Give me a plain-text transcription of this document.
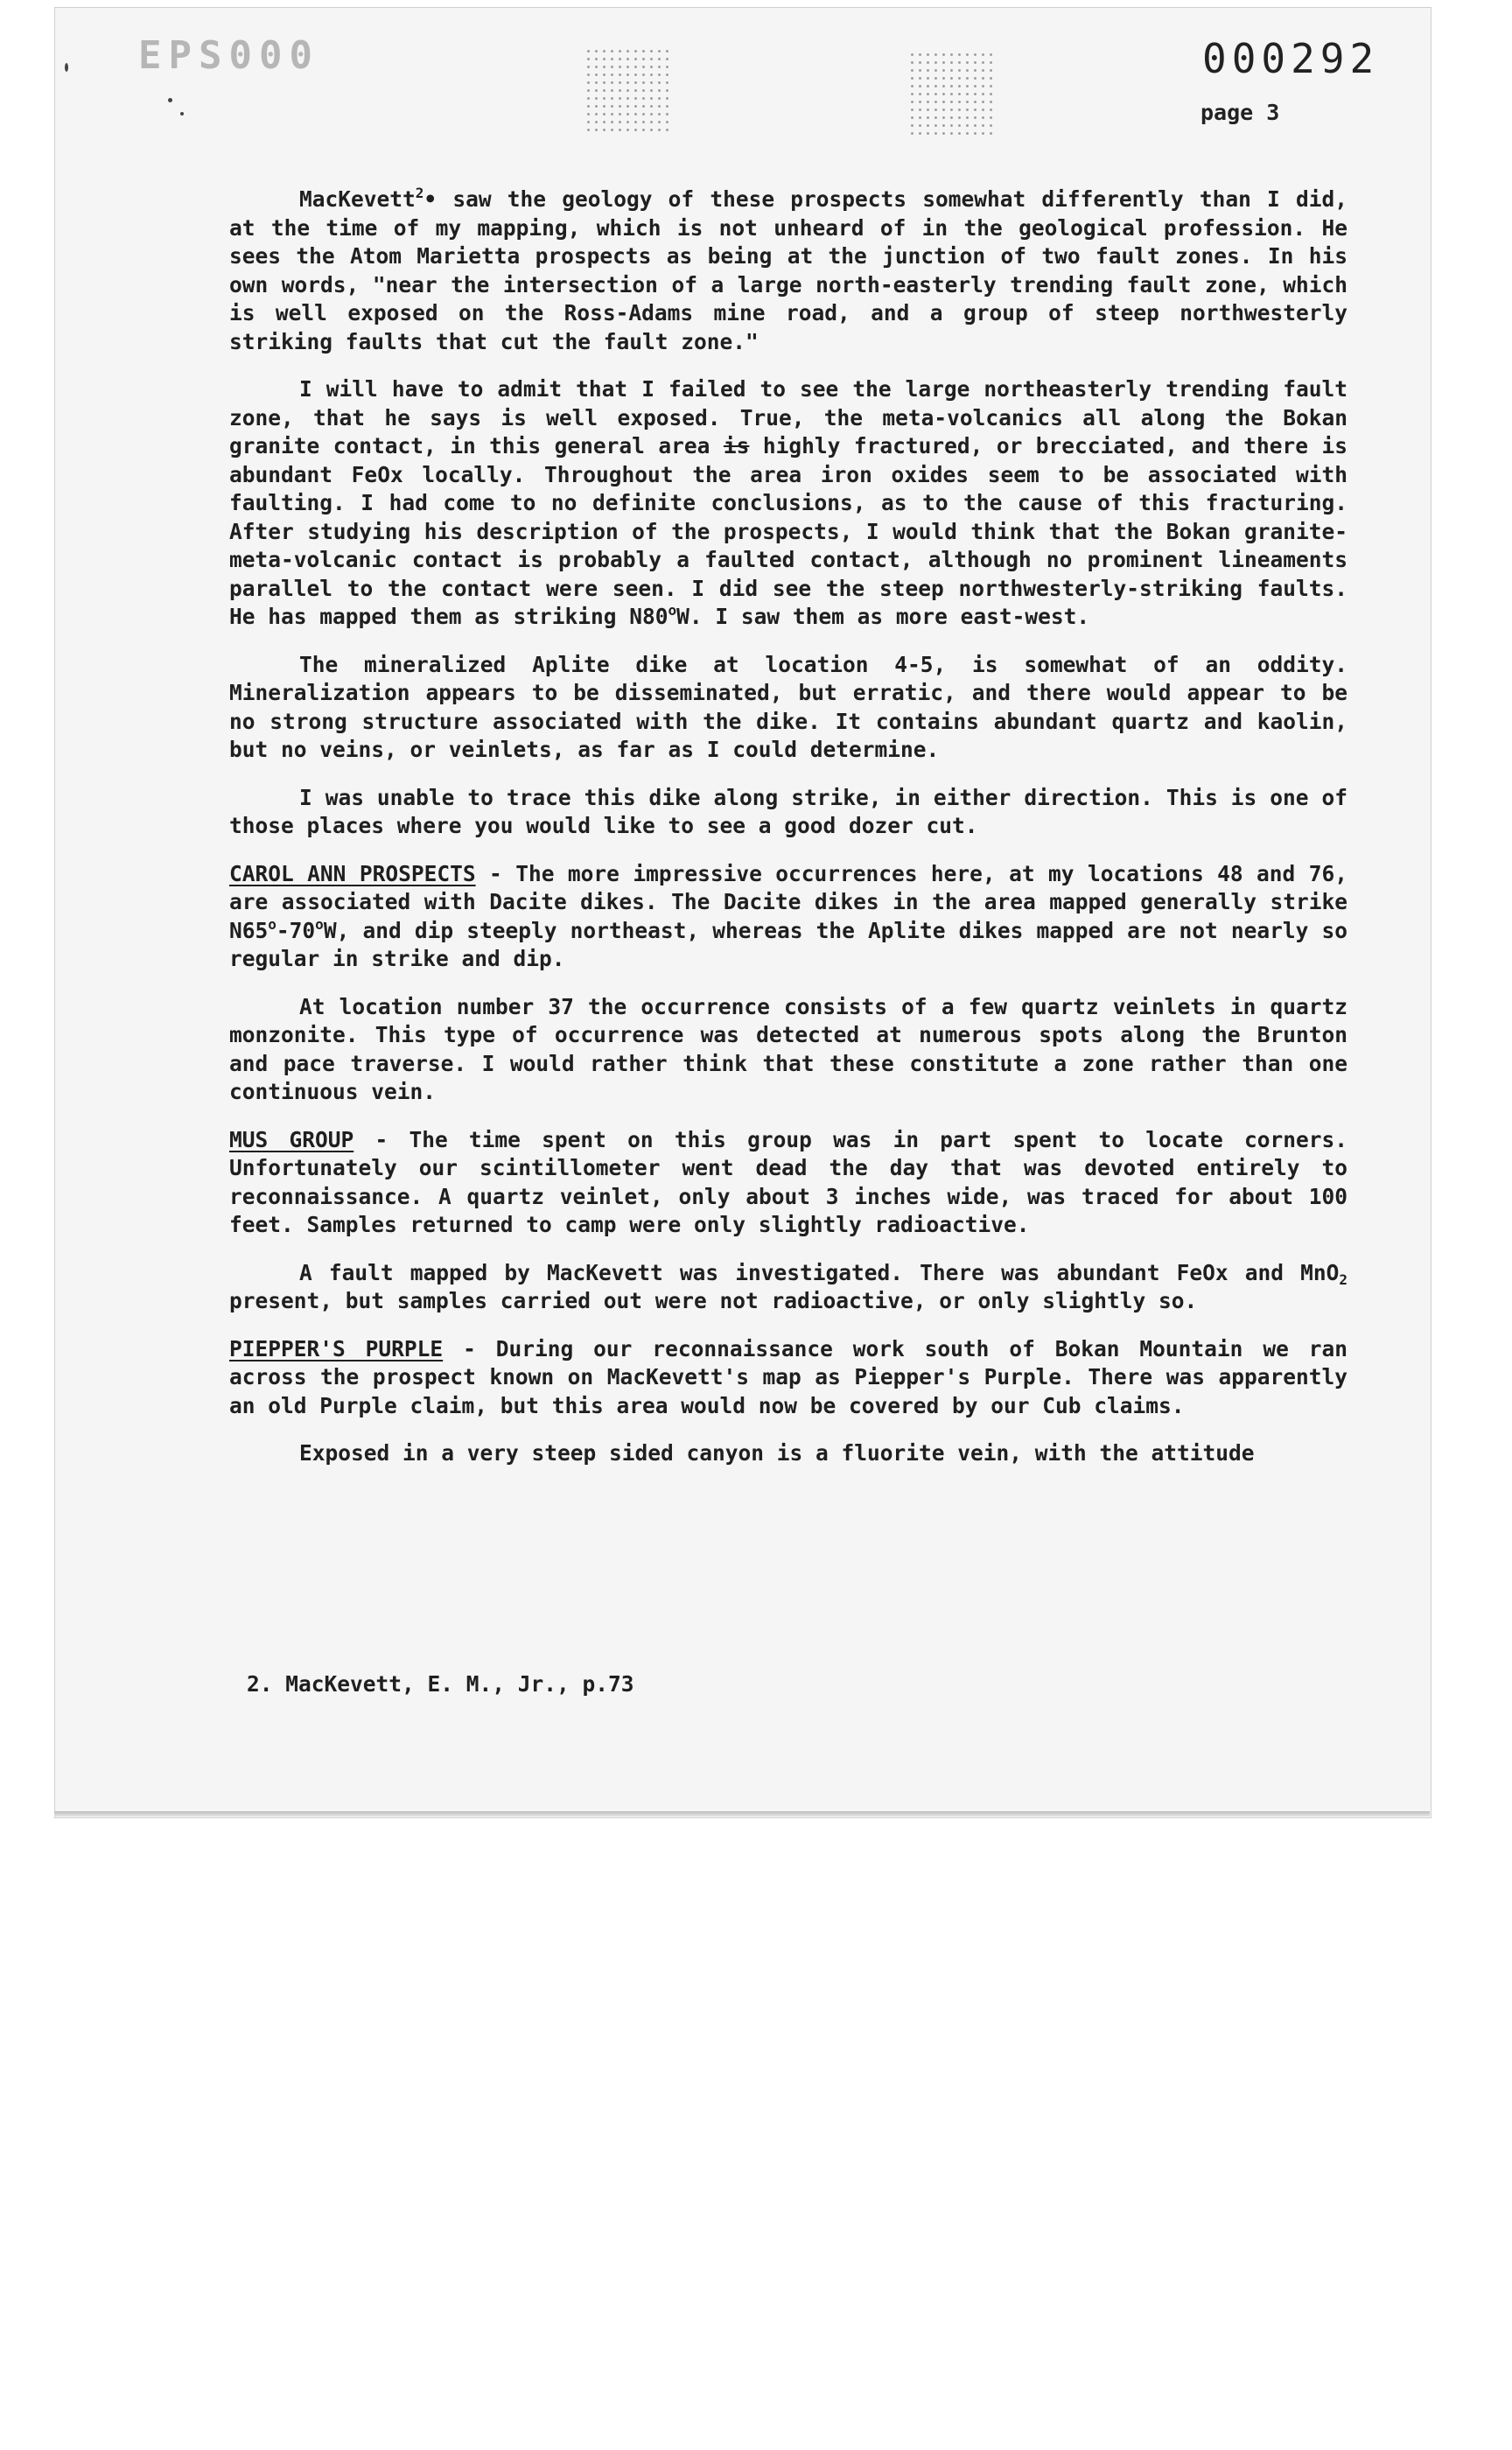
EPS000	000292
page 3

MacKevett$^2$• saw the geology of these prospects somewhat differently than I did, at the time of my mapping, which is not unheard of in the geological profession. He sees the Atom Marietta prospects as being at the junction of two fault zones. In his own words, "near the intersection of a large north-easterly trending fault zone, which is well exposed on the Ross-Adams mine road, and a group of steep northwesterly striking faults that cut the fault zone."

I will have to admit that I failed to see the large northeasterly trending fault zone, that he says is well exposed. True, the meta-volcanics all along the Bokan granite contact, in this general area is highly fractured, or brecciated, and there is abundant FeOx locally. Throughout the area iron oxides seem to be associated with faulting. I had come to no definite conclusions, as to the cause of this fracturing. After studying his description of the prospects, I would think that the Bokan granite- meta-volcanic contact is probably a faulted contact, although no prominent lineaments parallel to the contact were seen. I did see the steep northwesterly-striking faults. He has mapped them as striking N80$^o$W. I saw them as more east-west.

The mineralized Aplite dike at location 4-5, is somewhat of an oddity. Mineralization appears to be disseminated, but erratic, and there would appear to be no strong structure associated with the dike. It contains abundant quartz and kaolin, but no veins, or veinlets, as far as I could determine.

I was unable to trace this dike along strike, in either direction. This is one of those places where you would like to see a good dozer cut.

CAROL ANN PROSPECTS - The more impressive occurrences here, at my locations 48 and 76, are associated with Dacite dikes. The Dacite dikes in the area mapped generally strike N65$^o$-70$^o$W, and dip steeply northeast, whereas the Aplite dikes mapped are not nearly so regular in strike and dip.

At location number 37 the occurrence consists of a few quartz veinlets in quartz monzonite. This type of occurrence was detected at numerous spots along the Brunton and pace traverse. I would rather think that these constitute a zone rather than one continuous vein.

MUS GROUP - The time spent on this group was in part spent to locate corners. Unfortunately our scintillometer went dead the day that was devoted entirely to reconnaissance. A quartz veinlet, only about 3 inches wide, was traced for about 100 feet. Samples returned to camp were only slightly radioactive.

A fault mapped by MacKevett was investigated. There was abundant FeOx and MnO$_2$ present, but samples carried out were not radioactive, or only slightly so.

PIEPPER'S PURPLE - During our reconnaissance work south of Bokan Mountain we ran across the prospect known on MacKevett's map as Piepper's Purple. There was apparently an old Purple claim, but this area would now be covered by our Cub claims.

Exposed in a very steep sided canyon is a fluorite vein, with the attitude

2. MacKevett, E. M., Jr., p.73
